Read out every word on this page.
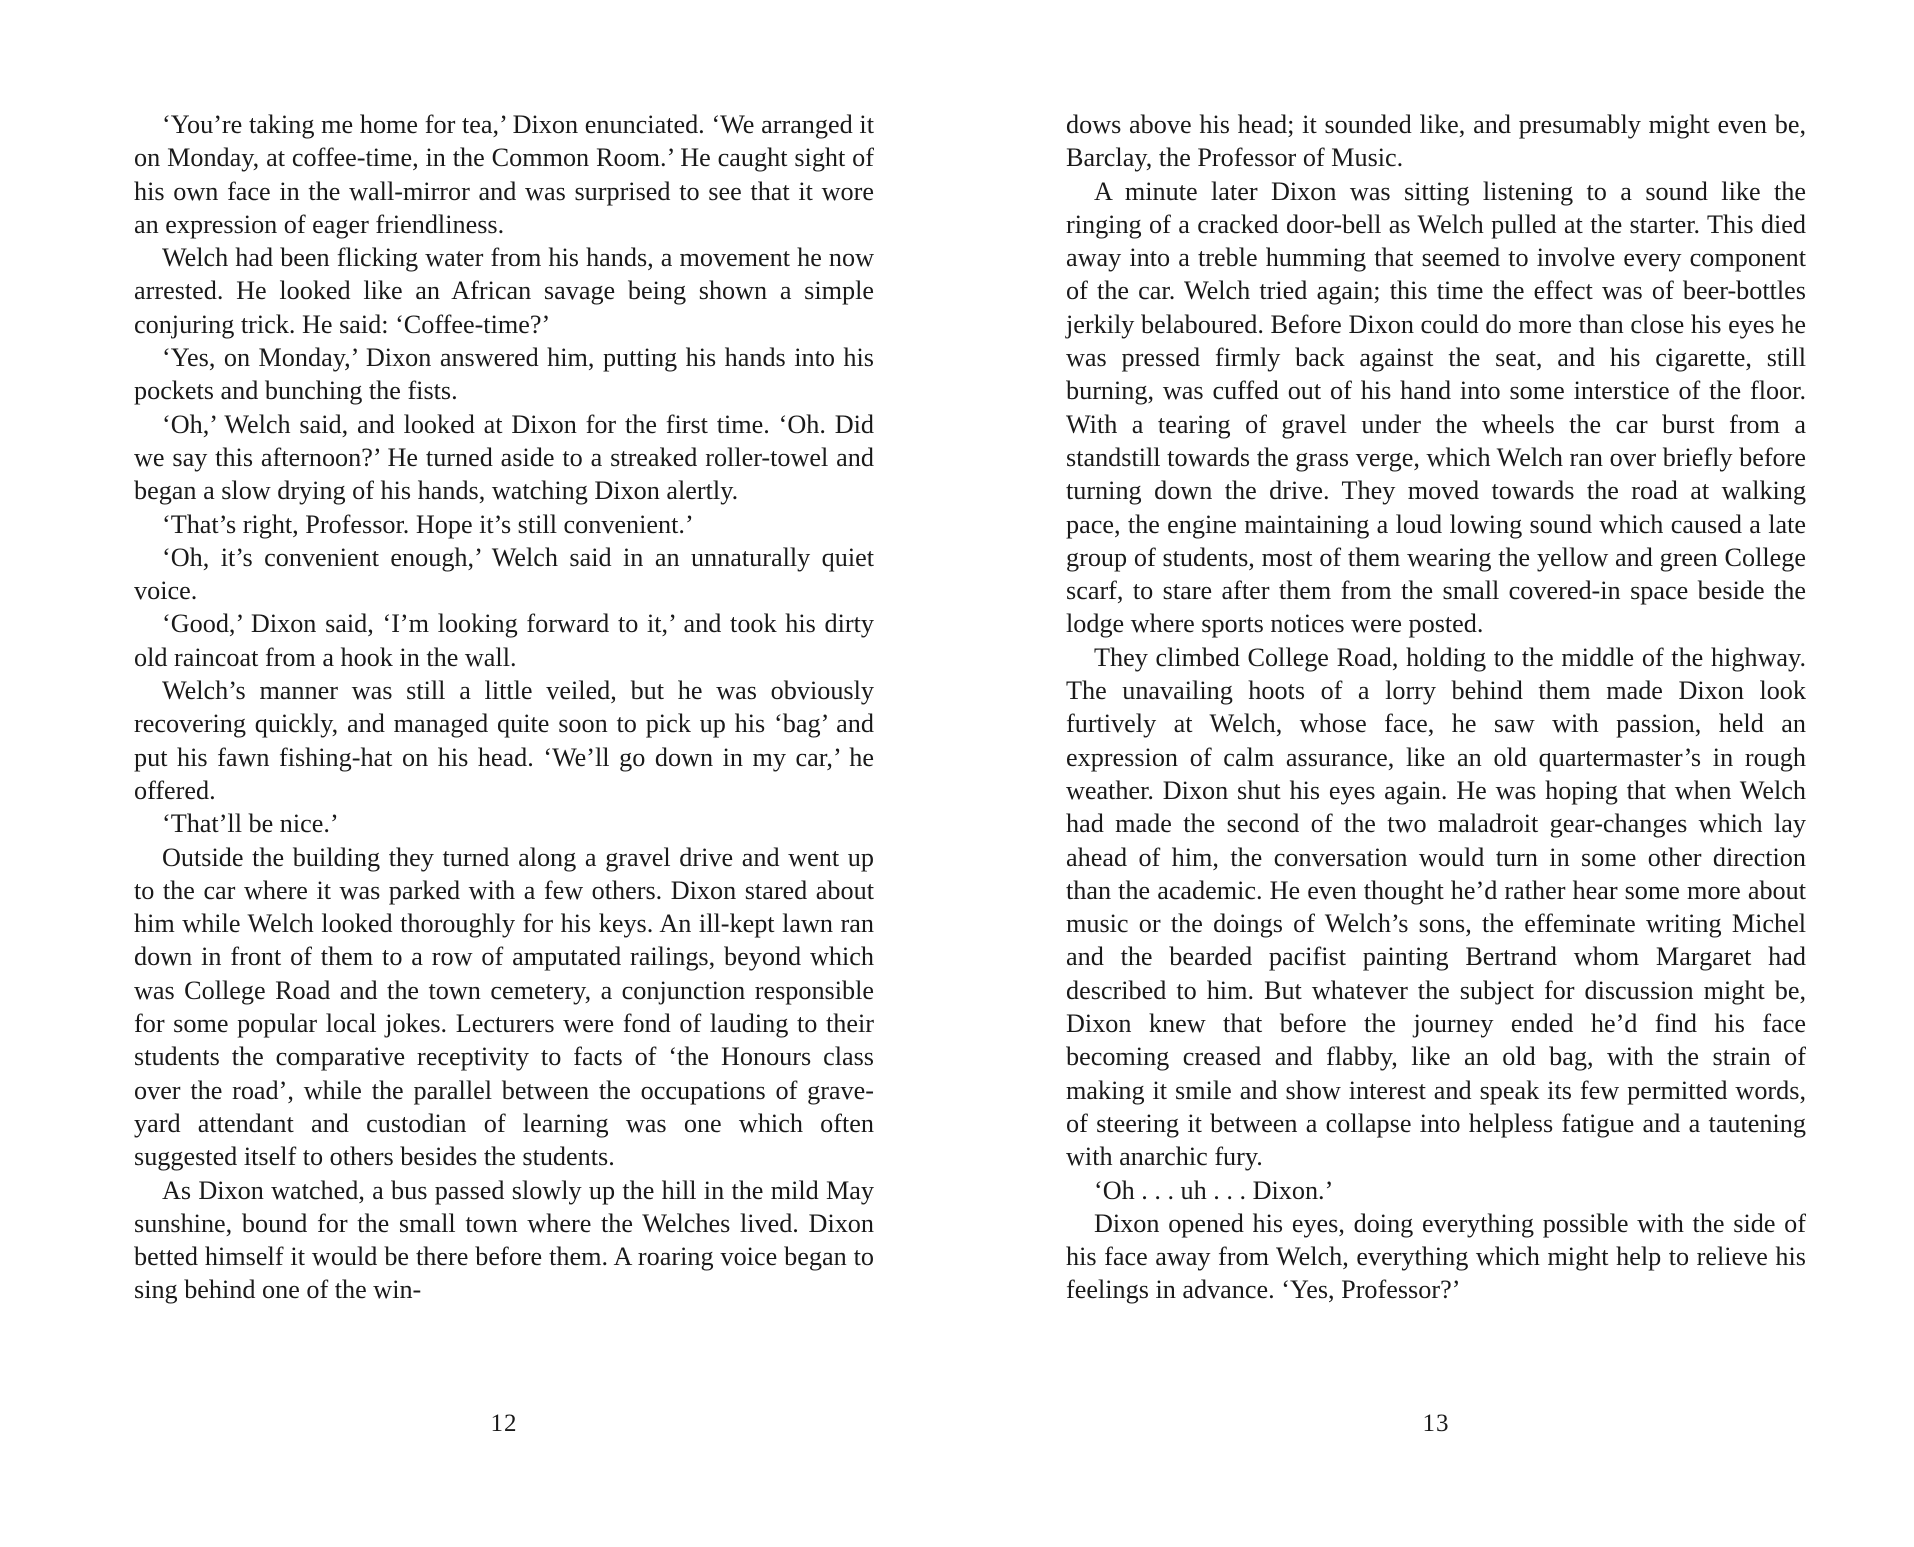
‘You’re taking me home for tea,’ Dixon enunciated. ‘We arranged it on Monday, at coffee-time, in the Common Room.’ He caught sight of his own face in the wall-mirror and was surprised to see that it wore an expression of eager friendliness.

Welch had been flicking water from his hands, a movement he now arrested. He looked like an African savage being shown a simple conjuring trick. He said: ‘Coffee-time?’

‘Yes, on Monday,’ Dixon answered him, putting his hands into his pockets and bunching the fists.

‘Oh,’ Welch said, and looked at Dixon for the first time. ‘Oh. Did we say this afternoon?’ He turned aside to a streaked roller-towel and began a slow drying of his hands, watching Dixon alertly.

‘That’s right, Professor. Hope it’s still convenient.’

‘Oh, it’s convenient enough,’ Welch said in an unnaturally quiet voice.

‘Good,’ Dixon said, ‘I’m looking forward to it,’ and took his dirty old raincoat from a hook in the wall.

Welch’s manner was still a little veiled, but he was obviously recovering quickly, and managed quite soon to pick up his ‘bag’ and put his fawn fishing-hat on his head. ‘We’ll go down in my car,’ he offered.

‘That’ll be nice.’

Outside the building they turned along a gravel drive and went up to the car where it was parked with a few others. Dixon stared about him while Welch looked thoroughly for his keys. An ill-kept lawn ran down in front of them to a row of amputated railings, beyond which was College Road and the town cemetery, a conjunction responsible for some popular local jokes. Lecturers were fond of lauding to their students the comparative receptivity to facts of ‘the Honours class over the road’, while the parallel between the occupations of graveyard attendant and custodian of learning was one which often suggested itself to others besides the students.

As Dixon watched, a bus passed slowly up the hill in the mild May sunshine, bound for the small town where the Welches lived. Dixon betted himself it would be there before them. A roaring voice began to sing behind one of the win-

12

dows above his head; it sounded like, and presumably might even be, Barclay, the Professor of Music.

A minute later Dixon was sitting listening to a sound like the ringing of a cracked door-bell as Welch pulled at the starter. This died away into a treble humming that seemed to involve every component of the car. Welch tried again; this time the effect was of beer-bottles jerkily belaboured. Before Dixon could do more than close his eyes he was pressed firmly back against the seat, and his cigarette, still burning, was cuffed out of his hand into some interstice of the floor. With a tearing of gravel under the wheels the car burst from a standstill towards the grass verge, which Welch ran over briefly before turning down the drive. They moved towards the road at walking pace, the engine maintaining a loud lowing sound which caused a late group of students, most of them wearing the yellow and green College scarf, to stare after them from the small covered-in space beside the lodge where sports notices were posted.

They climbed College Road, holding to the middle of the highway. The unavailing hoots of a lorry behind them made Dixon look furtively at Welch, whose face, he saw with passion, held an expression of calm assurance, like an old quartermaster’s in rough weather. Dixon shut his eyes again. He was hoping that when Welch had made the second of the two maladroit gear-changes which lay ahead of him, the conversation would turn in some other direction than the academic. He even thought he’d rather hear some more about music or the doings of Welch’s sons, the effeminate writing Michel and the bearded pacifist painting Bertrand whom Margaret had described to him. But whatever the subject for discussion might be, Dixon knew that before the journey ended he’d find his face becoming creased and flabby, like an old bag, with the strain of making it smile and show interest and speak its few permitted words, of steering it between a collapse into helpless fatigue and a tautening with anarchic fury.

‘Oh . . . uh . . . Dixon.’

Dixon opened his eyes, doing everything possible with the side of his face away from Welch, everything which might help to relieve his feelings in advance. ‘Yes, Professor?’

13
